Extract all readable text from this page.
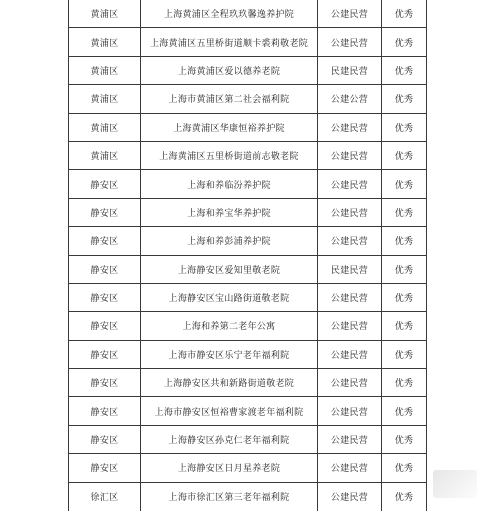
黄浦区	上海黄浦区全程玖玖馨逸养护院	公建民营	优秀
黄浦区	上海黄浦区五里桥街道顺卡裘莉敬老院	公建民营	优秀
黄浦区	上海黄浦区爱以德养老院	民建民营	优秀
黄浦区	上海市黄浦区第二社会福利院	公建公营	优秀
黄浦区	上海黄浦区华康恒裕养护院	公建民营	优秀
黄浦区	上海黄浦区五里桥街道前志敬老院	公建民营	优秀
静安区	上海和养临汾养护院	公建民营	优秀
静安区	上海和养宝华养护院	公建民营	优秀
静安区	上海和养彭浦养护院	公建民营	优秀
静安区	上海静安区爱知里敬老院	民建民营	优秀
静安区	上海静安区宝山路街道敬老院	公建民营	优秀
静安区	上海和养第二老年公寓	公建民营	优秀
静安区	上海市静安区乐宁老年福利院	公建民营	优秀
静安区	上海静安区共和新路街道敬老院	公建民营	优秀
静安区	上海市静安区恒裕曹家渡老年福利院	公建民营	优秀
静安区	上海静安区孙克仁老年福利院	公建民营	优秀
静安区	上海静安区日月星养老院	公建民营	优秀
徐汇区	上海市徐汇区第三老年福利院	公建民营	优秀
